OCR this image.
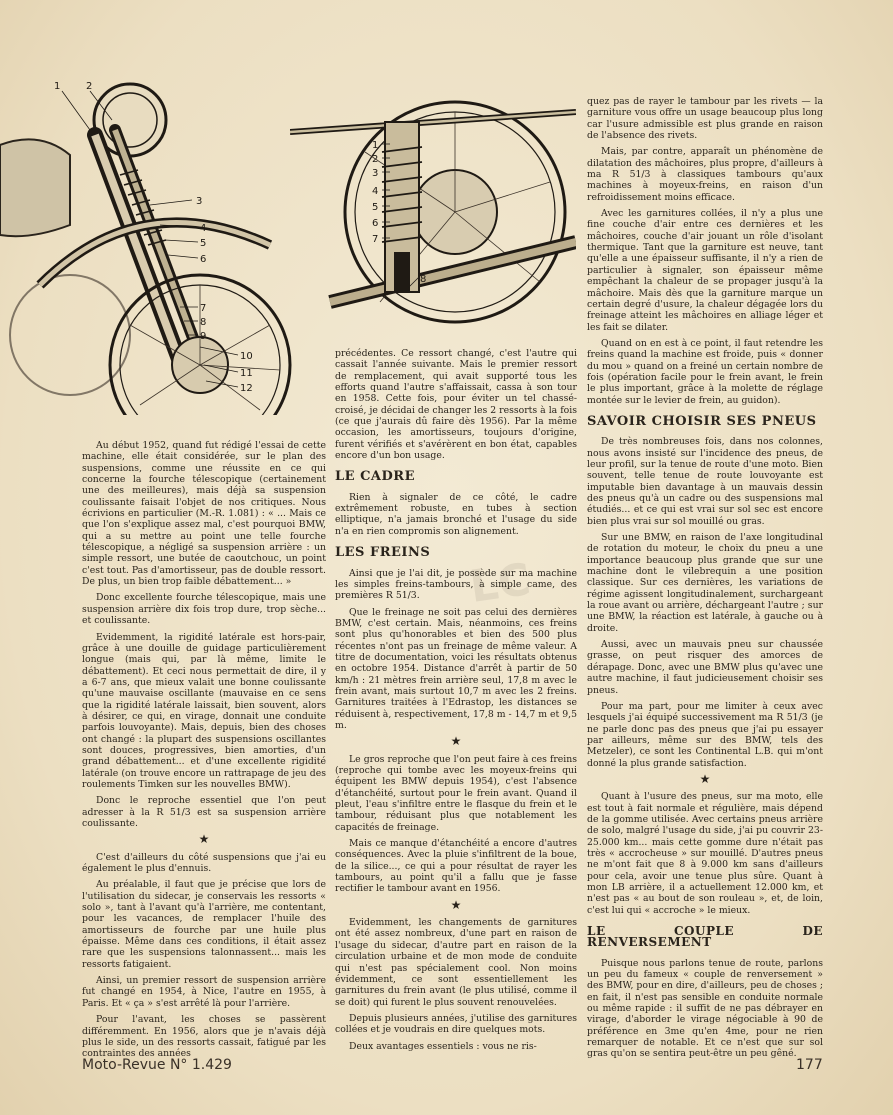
1	2
3
4
5
6
7
8
9
10
11
12
1
2
3
4
5
6
7
8
LC

Au début 1952, quand fut rédigé l'essai de cette machine, elle était considérée, sur le plan des suspensions, comme une réussite en ce qui concerne la fourche télescopique (certainement une des meilleures), mais déjà sa suspension coulissante faisait l'objet de nos critiques. Nous écrivions en particulier (M.-R. 1.081) : « ... Mais ce que l'on s'explique assez mal, c'est pourquoi BMW, qui a su mettre au point une telle fourche télescopique, a négligé sa suspension arrière : un simple ressort, une butée de caoutchouc, un point c'est tout. Pas d'amortisseur, pas de double ressort. De plus, un bien trop faible débattement... »

Donc excellente fourche télescopique, mais une suspension arrière dix fois trop dure, trop sèche... et coulissante.

Evidemment, la rigidité latérale est hors-pair, grâce à une douille de guidage particulièrement longue (mais qui, par là même, limite le débattement). Et ceci nous permettait de dire, il y a 6-7 ans, que mieux valait une bonne coulissante qu'une mauvaise oscillante (mauvaise en ce sens que la rigidité latérale laissait, bien souvent, alors à désirer, ce qui, en virage, donnait une conduite parfois louvoyante). Mais, depuis, bien des choses ont changé : la plupart des suspensions oscillantes sont douces, progressives, bien amorties, d'un grand débattement... et d'une excellente rigidité latérale (on trouve encore un rattrapage de jeu des roulements Timken sur les nouvelles BMW).

Donc le reproche essentiel que l'on peut adresser à la R 51/3 est sa suspension arrière coulissante.

★

C'est d'ailleurs du côté suspensions que j'ai eu également le plus d'ennuis.

Au préalable, il faut que je précise que lors de l'utilisation du sidecar, je conservais les ressorts « solo », tant à l'avant qu'à l'arrière, me contentant, pour les vacances, de remplacer l'huile des amortisseurs de fourche par une huile plus épaisse. Même dans ces conditions, il était assez rare que les suspensions talonnassent... mais les ressorts fatigaient.

Ainsi, un premier ressort de suspension arrière fut changé en 1954, à Nice, l'autre en 1955, à Paris. Et « ça » s'est arrêté là pour l'arrière.

Pour l'avant, les choses se passèrent différemment. En 1956, alors que je n'avais déjà plus le side, un des ressorts cassait, fatigué par les contraintes des années

précédentes. Ce ressort changé, c'est l'autre qui cassait l'année suivante. Mais le premier ressort de remplacement, qui avait supporté tous les efforts quand l'autre s'affaissait, cassa à son tour en 1958. Cette fois, pour éviter un tel chassé-croisé, je décidai de changer les 2 ressorts à la fois (ce que j'aurais dû faire dès 1956). Par la même occasion, les amortisseurs, toujours d'origine, furent vérifiés et s'avérèrent en bon état, capables encore d'un bon usage.

LE CADRE

Rien à signaler de ce côté, le cadre extrêmement robuste, en tubes à section elliptique, n'a jamais bronché et l'usage du side n'a en rien compromis son alignement.

LES FREINS

Ainsi que je l'ai dit, je possède sur ma machine les simples freins-tambours, à simple came, des premières R 51/3.

Que le freinage ne soit pas celui des dernières BMW, c'est certain. Mais, néanmoins, ces freins sont plus qu'honorables et bien des 500 plus récentes n'ont pas un freinage de même valeur. A titre de documentation, voici les résultats obtenus en octobre 1954. Distance d'arrêt à partir de 50 km/h : 21 mètres frein arrière seul, 17,8 m avec le frein avant, mais surtout 10,7 m avec les 2 freins. Garnitures traitées à l'Edrastop, les distances se réduisent à, respectivement, 17,8 m - 14,7 m et 9,5 m.

★

Le gros reproche que l'on peut faire à ces freins (reproche qui tombe avec les moyeux-freins qui équipent les BMW depuis 1954), c'est l'absence d'étanchéité, surtout pour le frein avant. Quand il pleut, l'eau s'infiltre entre le flasque du frein et le tambour, réduisant plus que notablement les capacités de freinage.

Mais ce manque d'étanchéité a encore d'autres conséquences. Avec la pluie s'infiltrent de la boue, de la silice..., ce qui a pour résultat de rayer les tambours, au point qu'il a fallu que je fasse rectifier le tambour avant en 1956.

★

Evidemment, les changements de garnitures ont été assez nombreux, d'une part en raison de l'usage du sidecar, d'autre part en raison de la circulation urbaine et de mon mode de conduite qui n'est pas spécialement cool. Non moins évidemment, ce sont essentiellement les garnitures du frein avant (le plus utilisé, comme il se doit) qui furent le plus souvent renouvelées.

Depuis plusieurs années, j'utilise des garnitures collées et je voudrais en dire quelques mots.

Deux avantages essentiels : vous ne ris-

quez pas de rayer le tambour par les rivets — la garniture vous offre un usage beaucoup plus long car l'usure admissible est plus grande en raison de l'absence des rivets.

Mais, par contre, apparaît un phénomène de dilatation des mâchoires, plus propre, d'ailleurs à ma R 51/3 à classiques tambours qu'aux machines à moyeux-freins, en raison d'un refroidissement moins efficace.

Avec les garnitures collées, il n'y a plus une fine couche d'air entre ces dernières et les mâchoires, couche d'air jouant un rôle d'isolant thermique. Tant que la garniture est neuve, tant qu'elle a une épaisseur suffisante, il n'y a rien de particulier à signaler, son épaisseur même empêchant la chaleur de se propager jusqu'à la mâchoire. Mais dès que la garniture marque un certain degré d'usure, la chaleur dégagée lors du freinage atteint les mâchoires en alliage léger et les fait se dilater.

Quand on en est à ce point, il faut retendre les freins quand la machine est froide, puis « donner du mou » quand on a freiné un certain nombre de fois (opération facile pour le frein avant, le frein le plus important, grâce à la molette de réglage montée sur le levier de frein, au guidon).

SAVOIR CHOISIR SES PNEUS

De très nombreuses fois, dans nos colonnes, nous avons insisté sur l'incidence des pneus, de leur profil, sur la tenue de route d'une moto. Bien souvent, telle tenue de route louvoyante est imputable bien davantage à un mauvais dessin des pneus qu'à un cadre ou des suspensions mal étudiés... et ce qui est vrai sur sol sec est encore bien plus vrai sur sol mouillé ou gras.

Sur une BMW, en raison de l'axe longitudinal de rotation du moteur, le choix du pneu a une importance beaucoup plus grande que sur une machine dont le vilebrequin a une position classique. Sur ces dernières, les variations de régime agissent longitudinalement, surchargeant la roue avant ou arrière, déchargeant l'autre ; sur une BMW, la réaction est latérale, à gauche ou à droite.

Aussi, avec un mauvais pneu sur chaussée grasse, on peut risquer des amorces de dérapage. Donc, avec une BMW plus qu'avec une autre machine, il faut judicieusement choisir ses pneus.

Pour ma part, pour me limiter à ceux avec lesquels j'ai équipé successivement ma R 51/3 (je ne parle donc pas des pneus que j'ai pu essayer par ailleurs, même sur des BMW, tels des Metzeler), ce sont les Continental L.B. qui m'ont donné la plus grande satisfaction.

★

Quant à l'usure des pneus, sur ma moto, elle est tout à fait normale et régulière, mais dépend de la gomme utilisée. Avec certains pneus arrière de solo, malgré l'usage du side, j'ai pu couvrir 23-25.000 km... mais cette gomme dure n'était pas très « accrocheuse » sur mouillé. D'autres pneus ne m'ont fait que 8 à 9.000 km sans d'ailleurs pour cela, avoir une tenue plus sûre. Quant à mon LB arrière, il a actuellement 12.000 km, et n'est pas « au bout de son rouleau », et, de loin, c'est lui qui « accroche » le mieux.

LE COUPLE DE RENVERSEMENT

Puisque nous parlons tenue de route, parlons un peu du fameux « couple de renversement » des BMW, pour en dire, d'ailleurs, peu de choses ; en fait, il n'est pas sensible en conduite normale ou même rapide : il suffit de ne pas débrayer en virage, d'aborder le virage négociable à 90 de préférence en 3me qu'en 4me, pour ne rien remarquer de notable. Et ce n'est que sur sol gras qu'on se sentira peut-être un peu gêné.

Moto-Revue N° 1.429	177
